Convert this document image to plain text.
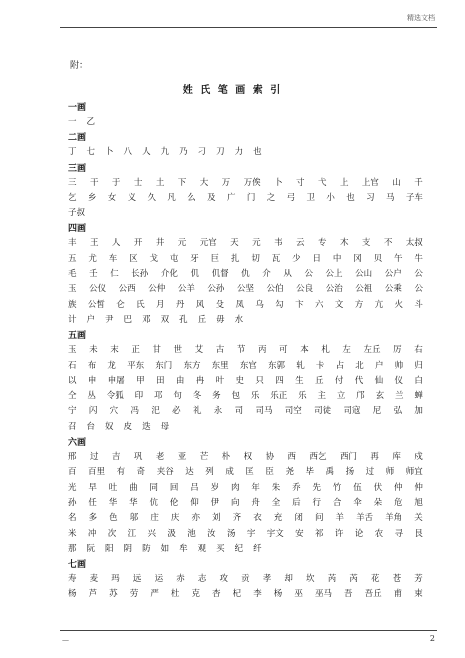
精选文档
附：
姓 氏 笔 画 索 引
一画
一 乙
二画
丁 七 卜 八 人 九 乃 刁 刀 力 也
三画
三 干 于 士 土 下 大 万 万俟 卜 寸 弋 上 上官 山 千
乞 乡 女 义 久 凡 么 及 广 门 之 弓 卫 小 也 习 马 子车
子叔
四画
丰 王 人 开 井 元 元官 天 元 韦 云 专 木 支 不 太叔
五 尤 车 区 戈 屯 牙 巨 扎 切 瓦 少 日 中 冈 贝 午 牛
毛 壬 仁 长孙 介化 仉 仉督 仇 介 从 公 公上 公山 公户 公
玉 公仪 公西 公仲 公羊 公孙 公坚 公伯 公良 公治 公祖 公乘 公
族 公皙 仑 氏 月 丹 风 殳 凤 乌 勾 卞 六 文 方 亢 火 斗
计 户 尹 巴 邓 双 孔 丘 毋 水
五画
玉 未 末 正 甘 世 艾 古 节 丙 可 本 札 左 左丘 厉 右
石 布 龙 平东 东门 东方 东里 东官 东郭 轧 卡 占 北 户 帅 归
以 申 申屠 甲 田 由 冉 叶 史 只 四 生 丘 付 代 仙 仪 白
仝 丛 令狐 印 邛 句 冬 务 包 乐 乐正 乐 主 立 邝 玄 兰 蝉
宁 闪 穴 冯 汜 必 礼 永 司 司马 司空 司徒 司寇 尼 弘 加
召 台 奴 皮 迭 母
六画
邢 过 吉 巩 老 亚 芒 朴 权 协 西 西乞 西门 再 库 戍
百 百里 有 奇 夹谷 达 列 成 匡 臣 尧 毕 禹 扬 过 师 师宜
光 早 吐 曲 同 回 吕 岁 肉 年 朱 乔 先 竹 伍 伏 仲 仲
孙 任 华 华 伉 伦 仰 伊 向 舟 全 后 行 合 伞 朵 危 旭
名 多 色 邬 庄 庆 亦 刘 齐 衣 充 闭 问 羊 羊舌 羊角 关
米 冲 次 江 兴 汲 池 汝 汤 宇 宇文 安 祁 许 论 农 寻 艮
那 阮 阳 阴 防 如 牟 观 买 纪 纤
七画
寿 麦 玛 远 运 赤 志 攻 贡 孝 却 坎 芮 芮 花 苍 芳
杨 芦 苏 劳 严 杜 克 杏 杞 李 杨 巫 巫马 吾 吾丘 甫 束
—	2
